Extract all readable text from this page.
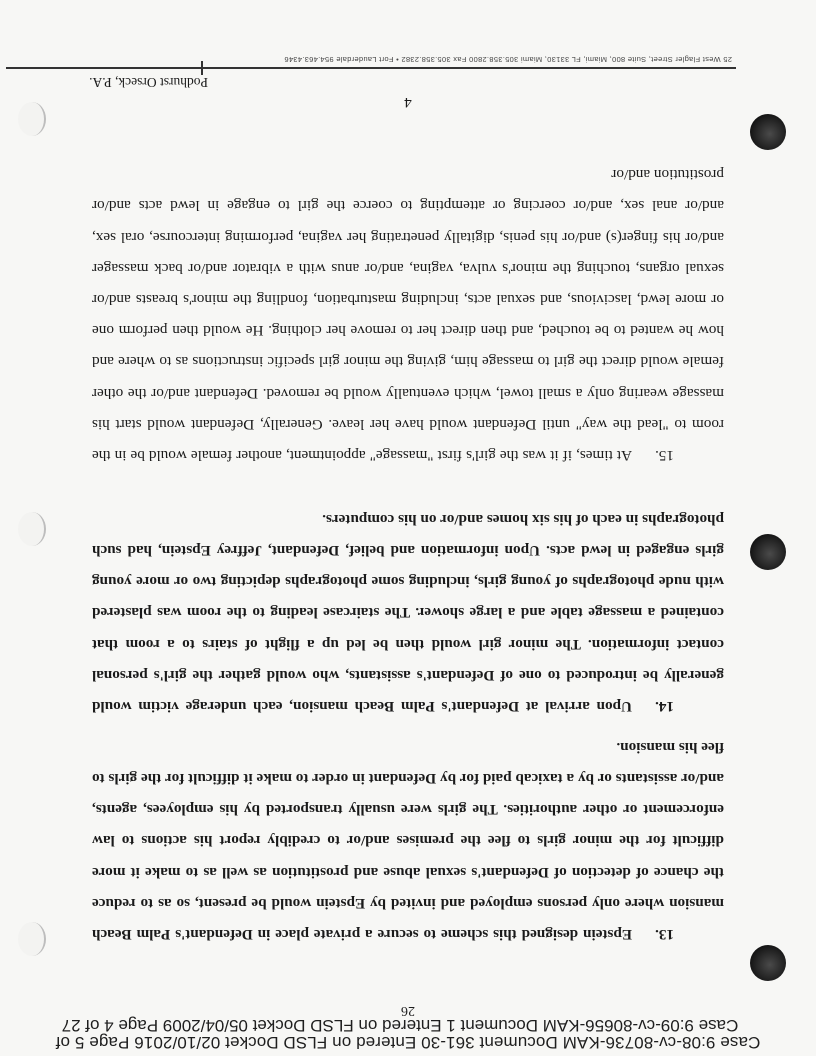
Case 9:08-cv-80736-KAM Document 361-30 Entered on FLSD Docket 02/10/2016 Page 5 of
Case 9:09-cv-80656-KAM Document 1 Entered on FLSD Docket 05/04/2009 Page 4 of 27
26

13.Epstein designed this scheme to secure a private place in Defendant's Palm Beach mansion where only persons employed and invited by Epstein would be present, so as to reduce the chance of detection of Defendant's sexual abuse and prostitution as well as to make it more difficult for the minor girls to flee the premises and/or to credibly report his actions to law enforcement or other authorities. The girls were usually transported by his employees, agents, and/or assistants or by a taxicab paid for by Defendant in order to make it difficult for the girls to flee his mansion.

14.Upon arrival at Defendant's Palm Beach mansion, each underage victim would generally be introduced to one of Defendant's assistants, who would gather the girl's personal contact information. The minor girl would then be led up a flight of stairs to a room that contained a massage table and a large shower. The staircase leading to the room was plastered with nude photographs of young girls, including some photographs depicting two or more young girls engaged in lewd acts. Upon information and belief, Defendant, Jeffrey Epstein, had such photographs in each of his six homes and/or on his computers.

15.At times, if it was the girl's first "massage" appointment, another female would be in the room to "lead the way" until Defendant would have her leave. Generally, Defendant would start his massage wearing only a small towel, which eventually would be removed. Defendant and/or the other female would direct the girl to massage him, giving the minor girl specific instructions as to where and how he wanted to be touched, and then direct her to remove her clothing. He would then perform one or more lewd, lascivious, and sexual acts, including masturbation, fondling the minor's breasts and/or sexual organs, touching the minor's vulva, vagina, and/or anus with a vibrator and/or back massager and/or his finger(s) and/or his penis, digitally penetrating her vagina, performing intercourse, oral sex, and/or anal sex, and/or coercing or attempting to coerce the girl to engage in lewd acts and/or prostitution and/or

4
Podhurst Orseck, P.A.
25 West Flagler Street, Suite 800, Miami, FL 33130, Miami 305.358.2800 Fax 305.358.2382 • Fort Lauderdale 954.463.4346
